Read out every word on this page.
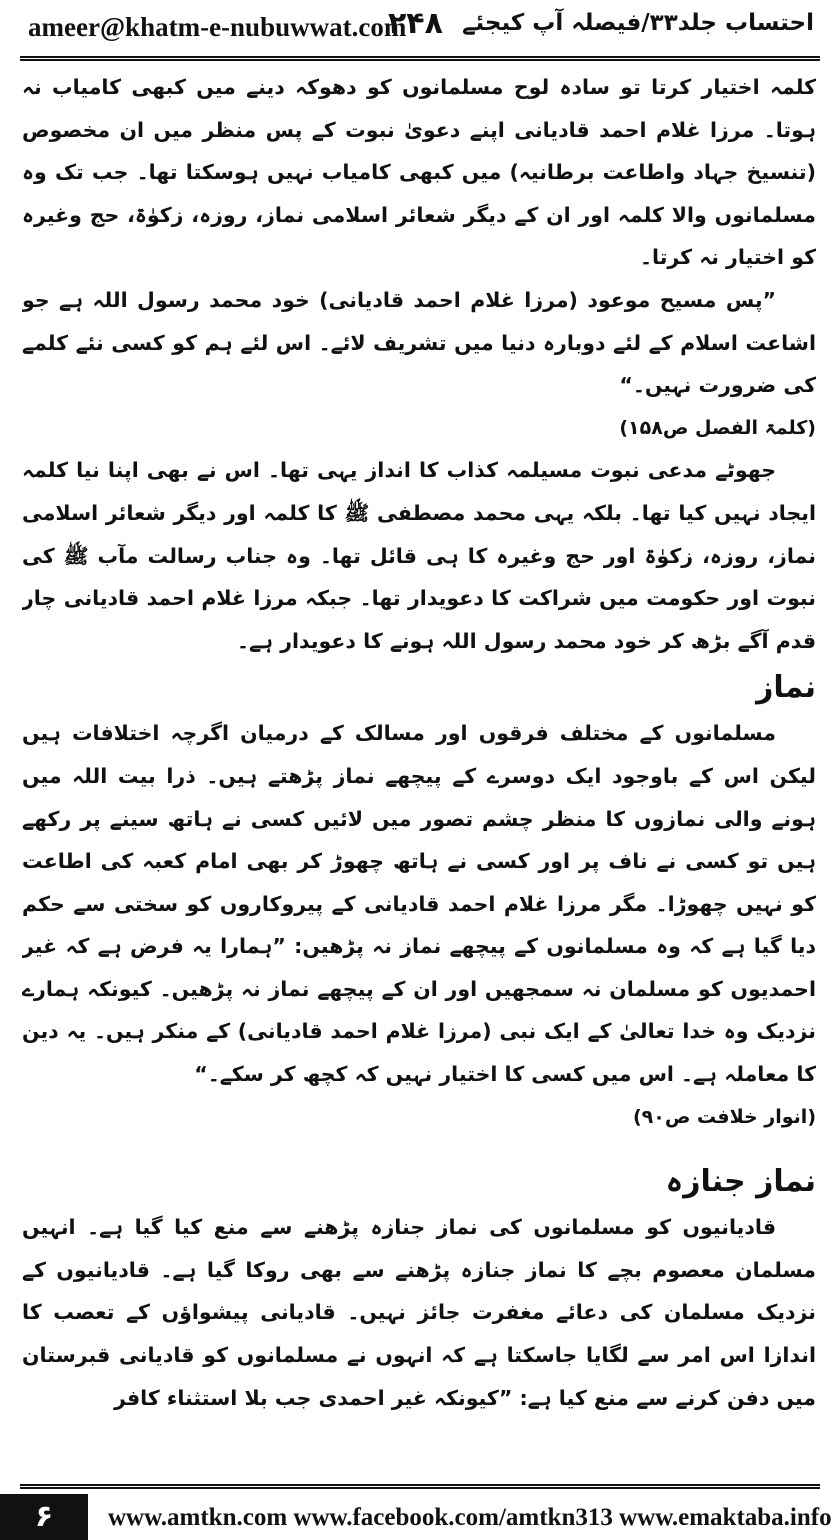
ameer@khatm-e-nubuwwat.com
۲۴۸ احتساب جلد۳۳/فیصلہ آپ کیجئے

کلمہ اختیار کرتا تو سادہ لوح مسلمانوں کو دھوکہ دینے میں کبھی کامیاب نہ ہوتا۔ مرزا غلام احمد قادیانی اپنے دعویٰ نبوت کے پس منظر میں ان مخصوص (تنسیخ جہاد واطاعت برطانیہ) میں کبھی کامیاب نہیں ہوسکتا تھا۔ جب تک وہ مسلمانوں والا کلمہ اور ان کے دیگر شعائر اسلامی نماز، روزہ، زکوٰۃ، حج وغیرہ کو اختیار نہ کرتا۔

”پس مسیح موعود (مرزا غلام احمد قادیانی) خود محمد رسول اللہ ہے جو اشاعت اسلام کے لئے دوبارہ دنیا میں تشریف لائے۔ اس لئے ہم کو کسی نئے کلمے کی ضرورت نہیں۔“

(کلمۃ الفصل ص۱۵۸)

جھوٹے مدعی نبوت مسیلمہ کذاب کا انداز یہی تھا۔ اس نے بھی اپنا نیا کلمہ ایجاد نہیں کیا تھا۔ بلکہ یہی محمد مصطفی ﷺ کا کلمہ اور دیگر شعائر اسلامی نماز، روزہ، زکوٰۃ اور حج وغیرہ کا ہی قائل تھا۔ وہ جناب رسالت مآب ﷺ کی نبوت اور حکومت میں شراکت کا دعویدار تھا۔ جبکہ مرزا غلام احمد قادیانی چار قدم آگے بڑھ کر خود محمد رسول اللہ ہونے کا دعویدار ہے۔

نماز

مسلمانوں کے مختلف فرقوں اور مسالک کے درمیان اگرچہ اختلافات ہیں لیکن اس کے باوجود ایک دوسرے کے پیچھے نماز پڑھتے ہیں۔ ذرا بیت اللہ میں ہونے والی نمازوں کا منظر چشم تصور میں لائیں کسی نے ہاتھ سینے پر رکھے ہیں تو کسی نے ناف پر اور کسی نے ہاتھ چھوڑ کر بھی امام کعبہ کی اطاعت کو نہیں چھوڑا۔ مگر مرزا غلام احمد قادیانی کے پیروکاروں کو سختی سے حکم دیا گیا ہے کہ وہ مسلمانوں کے پیچھے نماز نہ پڑھیں: ”ہمارا یہ فرض ہے کہ غیر احمدیوں کو مسلمان نہ سمجھیں اور ان کے پیچھے نماز نہ پڑھیں۔ کیونکہ ہمارے نزدیک وہ خدا تعالیٰ کے ایک نبی (مرزا غلام احمد قادیانی) کے منکر ہیں۔ یہ دین کا معاملہ ہے۔ اس میں کسی کا اختیار نہیں کہ کچھ کر سکے۔“

(انوار خلافت ص۹۰)

نماز جنازہ

قادیانیوں کو مسلمانوں کی نماز جنازہ پڑھنے سے منع کیا گیا ہے۔ انہیں مسلمان معصوم بچے کا نماز جنازہ پڑھنے سے بھی روکا گیا ہے۔ قادیانیوں کے نزدیک مسلمان کی دعائے مغفرت جائز نہیں۔ قادیانی پیشواؤں کے تعصب کا اندازا اس امر سے لگایا جاسکتا ہے کہ انہوں نے مسلمانوں کو قادیانی قبرستان میں دفن کرنے سے منع کیا ہے: ”کیونکہ غیر احمدی جب بلا استثناء کافر

۶	www.amtkn.com www.facebook.com/amtkn313 www.emaktaba.info
